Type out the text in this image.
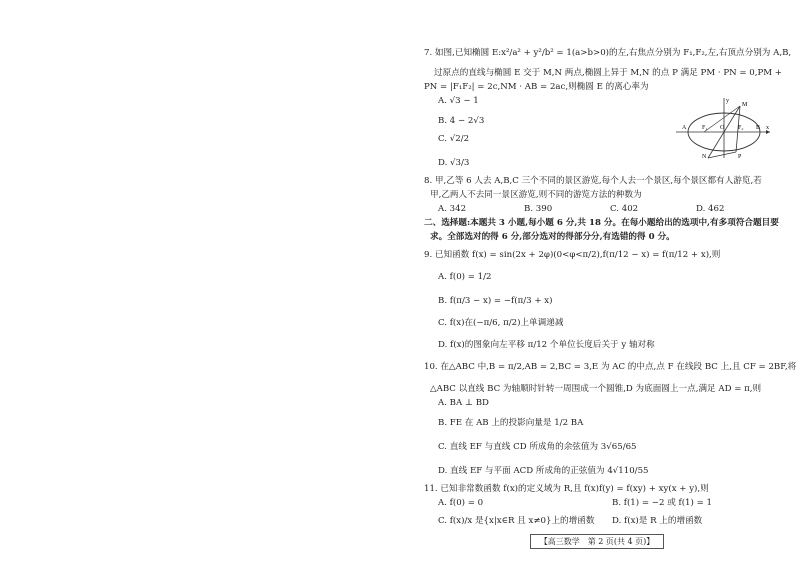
7. 如图,已知椭圆 E:x²/a² + y²/b² = 1(a>b>0)的左,右焦点分别为 F₁,F₂,左,右顶点分别为 A,B,
过原点的直线与椭圆 E 交于 M,N 两点,椭圆上异于 M,N 的点 P 满足 PM · PN = 0,PM +
PN = |F₁F₂| = 2c,NM · AB = 2ac,则椭圆 E 的离心率为
A. √3 − 1
B. 4 − 2√3
C. √2/2
D. √3/3
M
A	F₁ O F₂ B x
N	P
y
8. 甲,乙等 6 人去 A,B,C 三个不同的景区游览,每个人去一个景区,每个景区都有人游览,若
甲,乙两人不去同一景区游览,则不同的游览方法的种数为
A. 342	B. 390	C. 402	D. 462
二、选择题:本题共 3 小题,每小题 6 分,共 18 分。在每小题给出的选项中,有多项符合题目要
求。全部选对的得 6 分,部分选对的得部分分,有选错的得 0 分。
9. 已知函数 f(x) = sin(2x + 2φ)(0<φ<π/2),f(π/12 − x) = f(π/12 + x),则
A. f(0) = 1/2
B. f(π/3 − x) = −f(π/3 + x)
C. f(x)在(−π/6, π/2)上单调递减
D. f(x)的图象向左平移 π/12 个单位长度后关于 y 轴对称
10. 在△ABC 中,B = π/2,AB = 2,BC = 3,E 为 AC 的中点,点 F 在线段 BC 上,且 CF = 2BF,将
△ABC 以直线 BC 为轴顺时针转一周围成一个圆锥,D 为底面圆上一点,满足 AD = π,则
A. BA ⊥ BD
B. FE 在 AB 上的投影向量是 1/2 BA
C. 直线 EF 与直线 CD 所成角的余弦值为 3√65/65
D. 直线 EF 与平面 ACD 所成角的正弦值为 4√110/55
11. 已知非常数函数 f(x)的定义域为 R,且 f(x)f(y) = f(xy) + xy(x + y),则
A. f(0) = 0	B. f(1) = −2 或 f(1) = 1
C. f(x)/x 是{x|x∈R 且 x≠0}上的增函数 D. f(x)是 R 上的增函数
【高三数学　第 2 页(共 4 页)】
